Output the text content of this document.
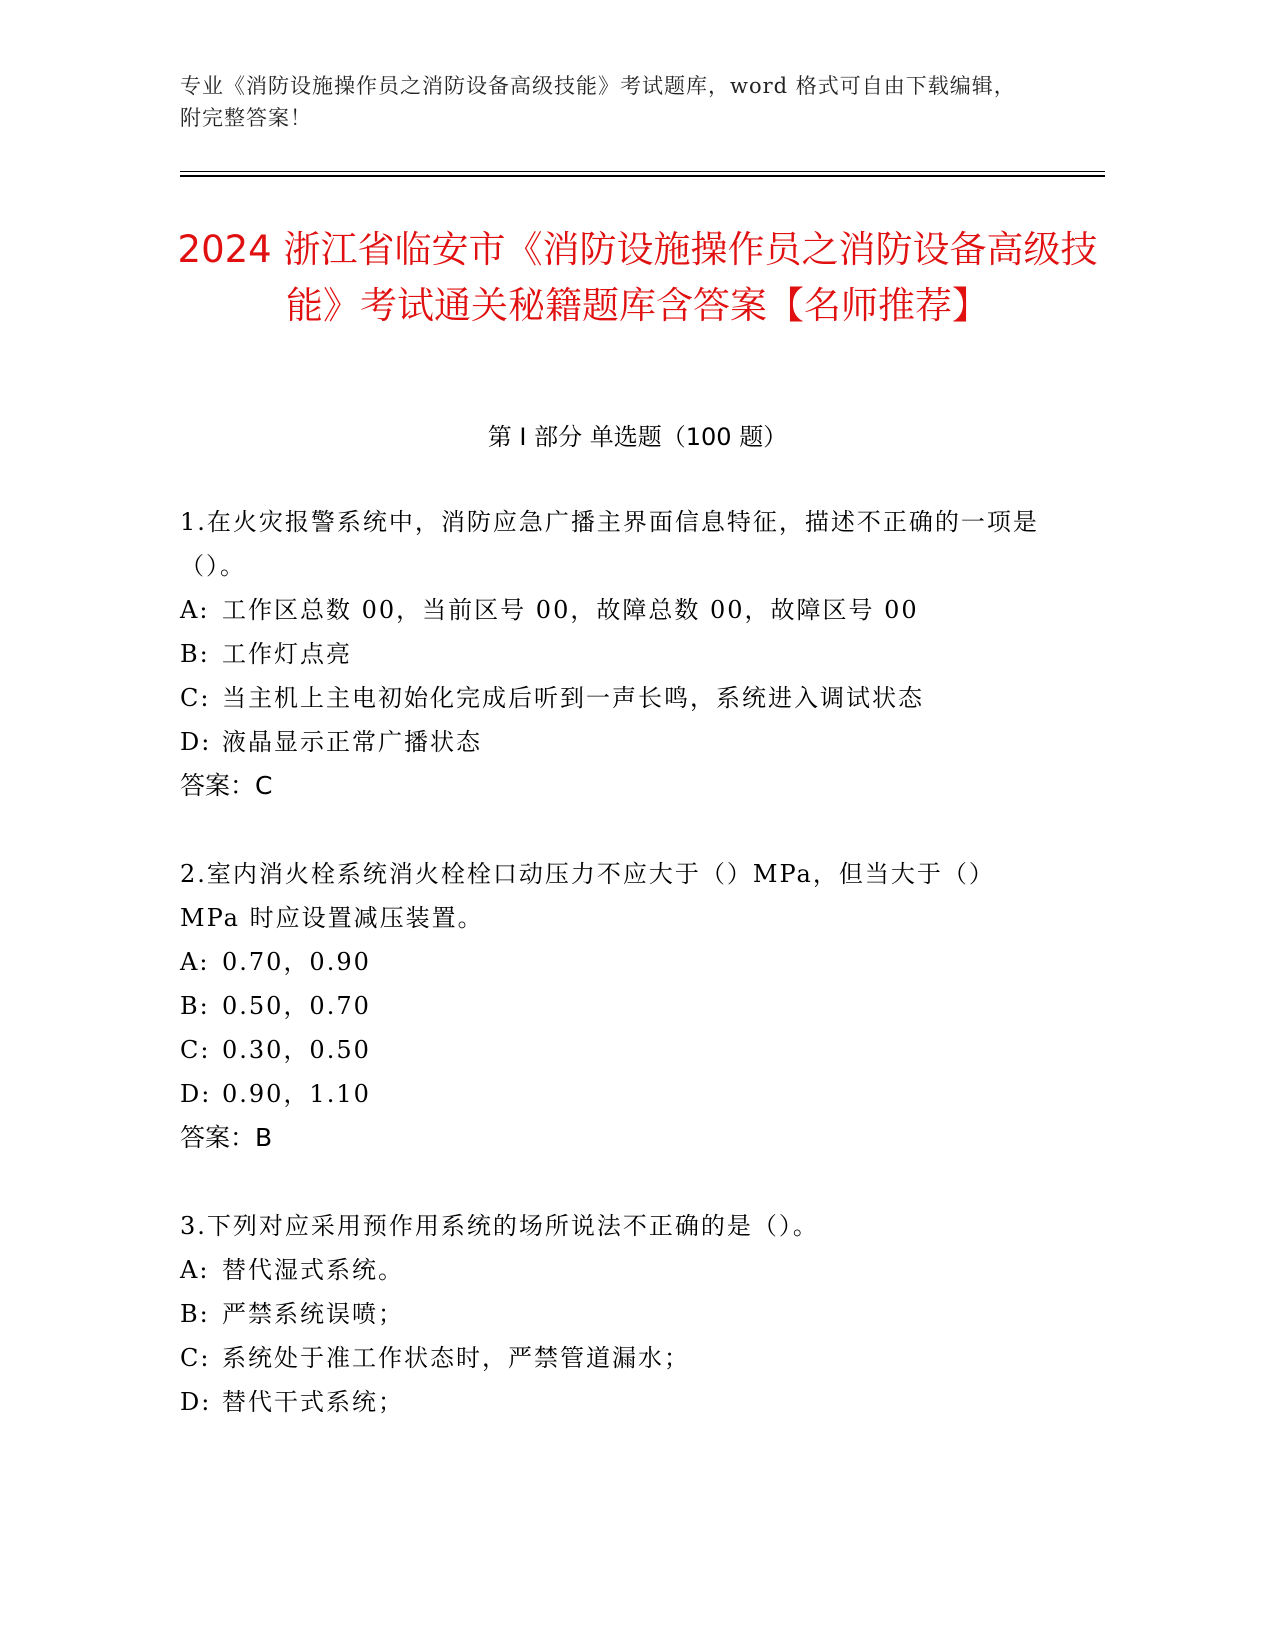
专业《消防设施操作员之消防设备高级技能》考试题库，word 格式可自由下载编辑，附完整答案！
2024 浙江省临安市《消防设施操作员之消防设备高级技能》考试通关秘籍题库含答案【名师推荐】
第 I 部分 单选题（100 题）

1.在火灾报警系统中，消防应急广播主界面信息特征，描述不正确的一项是（）。

A: 工作区总数 00，当前区号 00，故障总数 00，故障区号 00

B: 工作灯点亮

C: 当主机上主电初始化完成后听到一声长鸣，系统进入调试状态

D: 液晶显示正常广播状态

答案：C

2.室内消火栓系统消火栓栓口动压力不应大于（）MPa，但当大于（）MPa 时应设置减压装置。

A: 0.70，0.90

B: 0.50，0.70

C: 0.30，0.50

D: 0.90，1.10

答案：B

3.下列对应采用预作用系统的场所说法不正确的是（）。

A: 替代湿式系统。

B: 严禁系统误喷；

C: 系统处于准工作状态时，严禁管道漏水；

D: 替代干式系统；
